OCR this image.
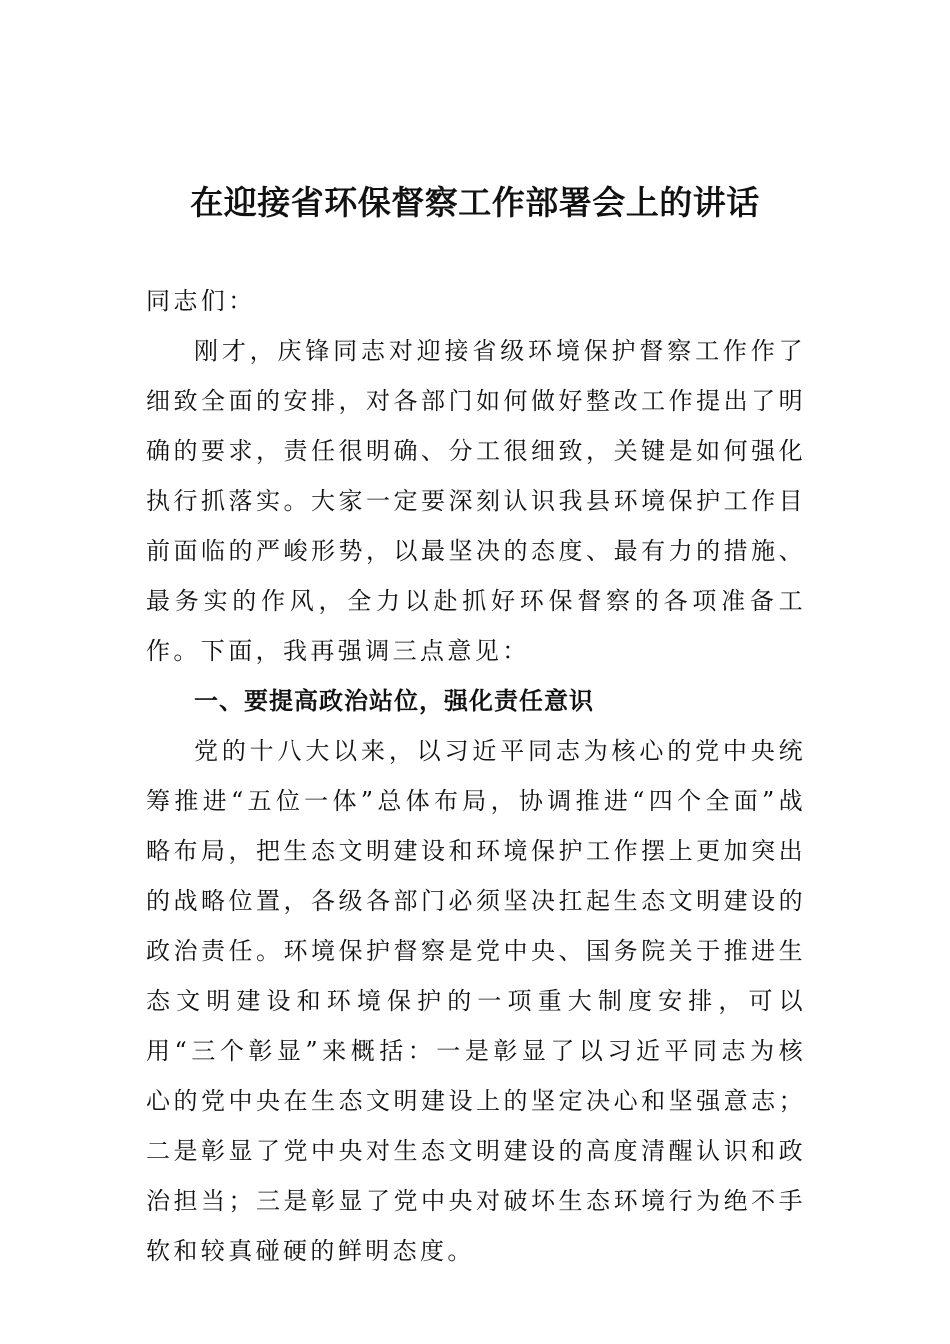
在迎接省环保督察工作部署会上的讲话

同志们：

刚才，庆锋同志对迎接省级环境保护督察工作作了细致全面的安排，对各部门如何做好整改工作提出了明确的要求，责任很明确、分工很细致，关键是如何强化执行抓落实。大家一定要深刻认识我县环境保护工作目前面临的严峻形势，以最坚决的态度、最有力的措施、最务实的作风，全力以赴抓好环保督察的各项准备工作。下面，我再强调三点意见：

一、要提高政治站位，强化责任意识

党的十八大以来，以习近平同志为核心的党中央统筹推进“五位一体”总体布局，协调推进“四个全面”战略布局，把生态文明建设和环境保护工作摆上更加突出的战略位置，各级各部门必须坚决扛起生态文明建设的政治责任。环境保护督察是党中央、国务院关于推进生态文明建设和环境保护的一项重大制度安排，可以用“三个彰显”来概括：一是彰显了以习近平同志为核心的党中央在生态文明建设上的坚定决心和坚强意志；二是彰显了党中央对生态文明建设的高度清醒认识和政治担当；三是彰显了党中央对破坏生态环境行为绝不手软和较真碰硬的鲜明态度。
